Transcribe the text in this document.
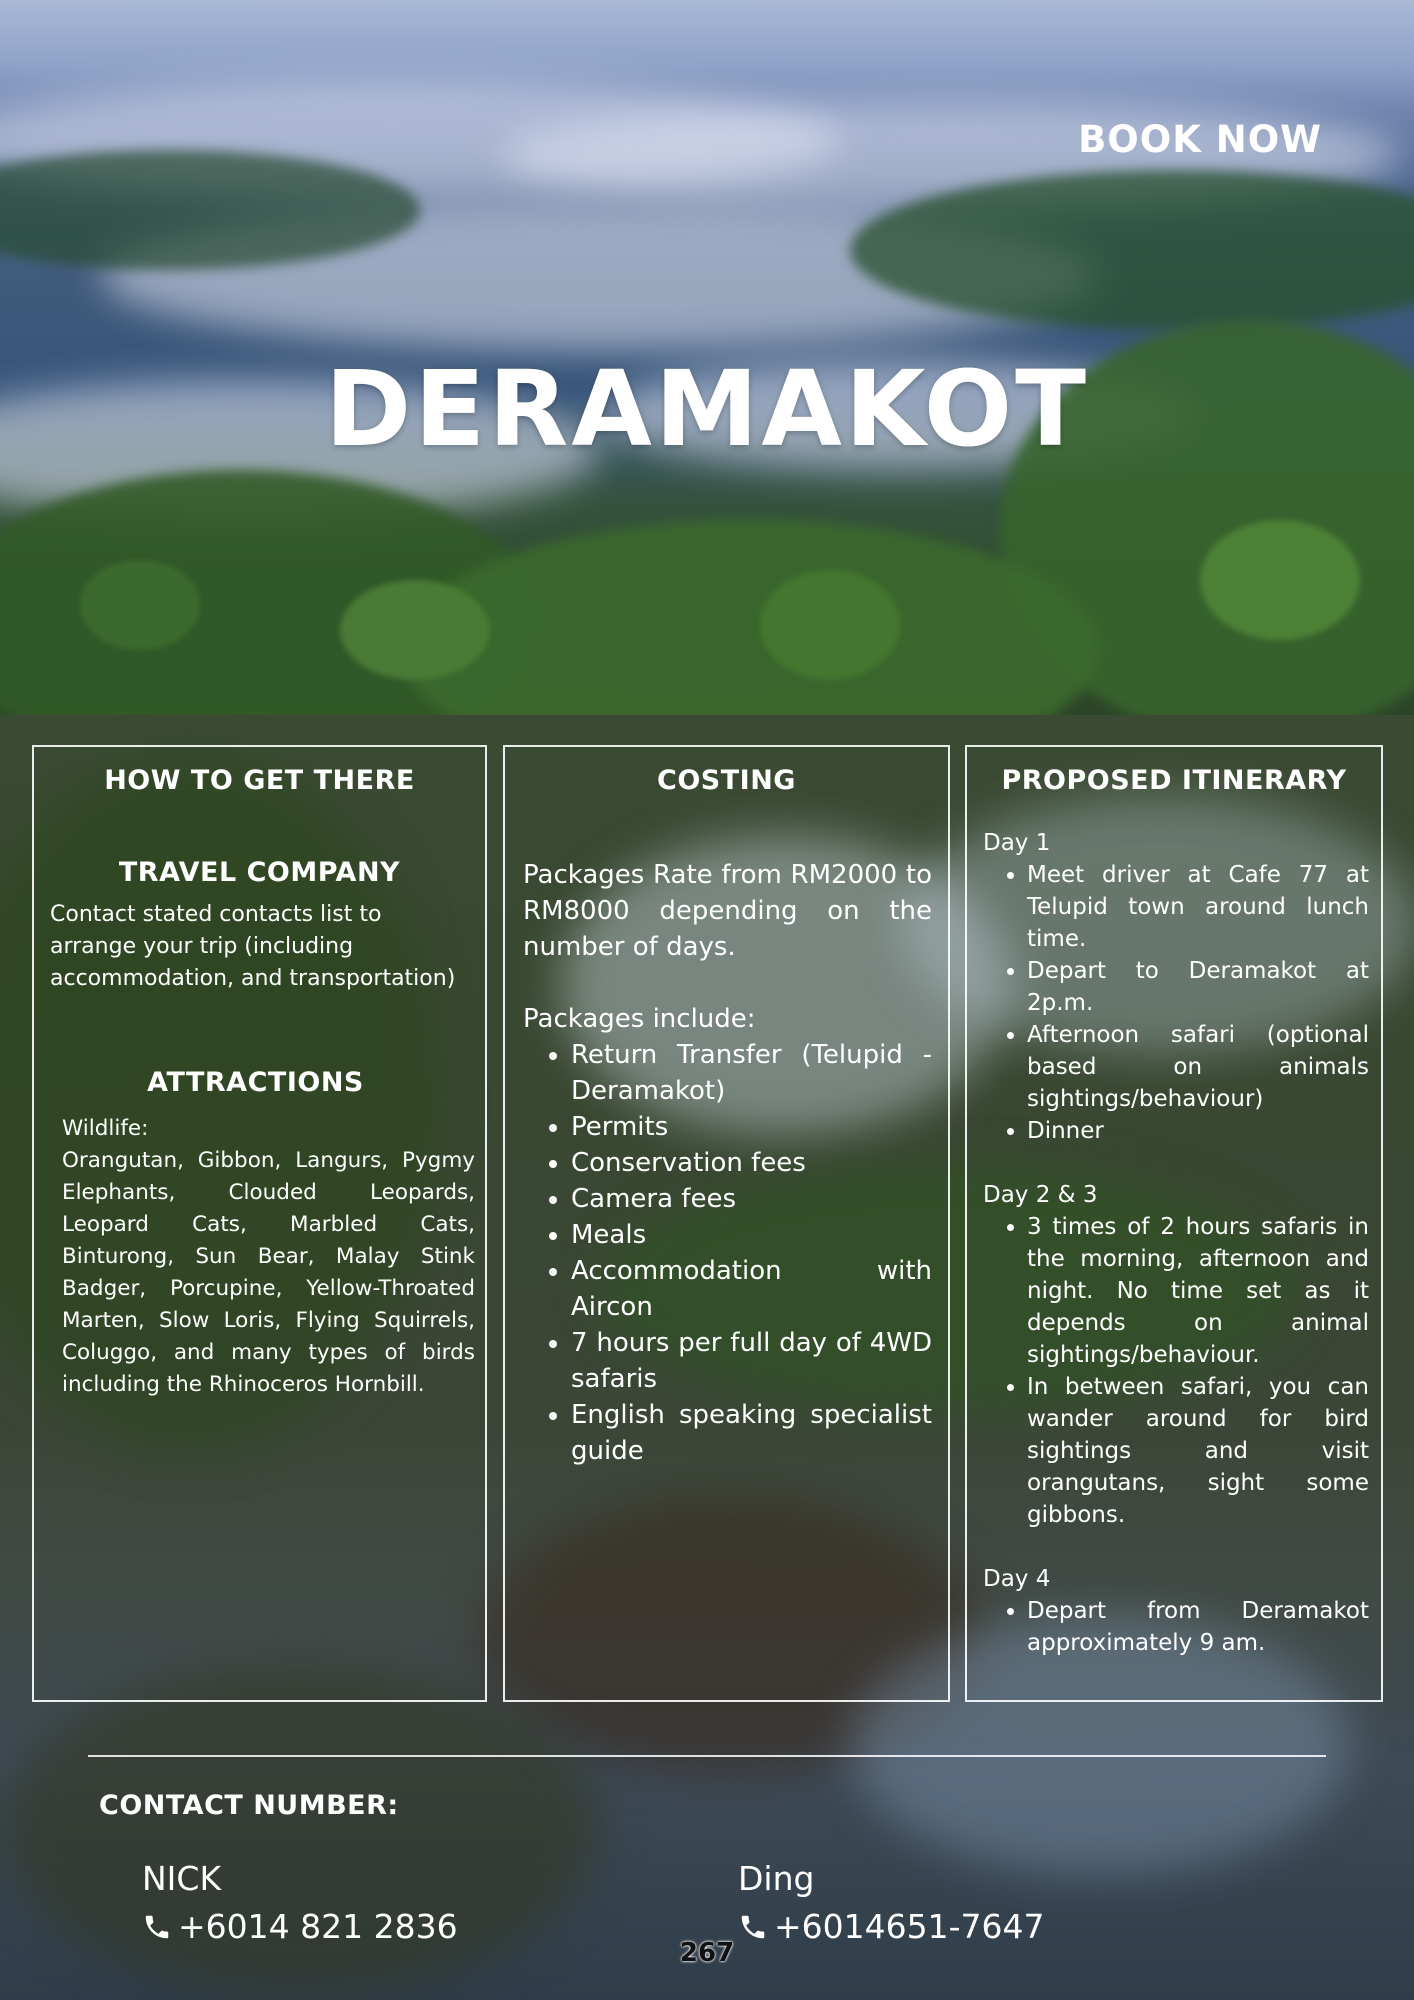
BOOK NOW
DERAMAKOT
HOW TO GET THERE
TRAVEL COMPANY
Contact stated contacts list to arrange your trip (including accommodation, and transportation)
ATTRACTIONS
Wildlife:
Orangutan, Gibbon, Langurs, Pygmy Elephants, Clouded Leopards, Leopard Cats, Marbled Cats, Binturong, Sun Bear, Malay Stink Badger, Porcupine, Yellow-Throated Marten, Slow Loris, Flying Squirrels, Coluggo, and many types of birds including the Rhinoceros Hornbill.
COSTING
Packages Rate from RM2000 to RM8000 depending on the number of days.
Packages include:
• Return Transfer (Telupid - Deramakot)
• Permits
• Conservation fees
• Camera fees
• Meals
• Accommodation with Aircon
• 7 hours per full day of 4WD safaris
• English speaking specialist guide
PROPOSED ITINERARY
Day 1
• Meet driver at Cafe 77 at Telupid town around lunch time.
• Depart to Deramakot at 2p.m.
• Afternoon safari (optional based on animals sightings/behaviour)
• Dinner
Day 2 & 3
• 3 times of 2 hours safaris in the morning, afternoon and night. No time set as it depends on animal sightings/behaviour.
• In between safari, you can wander around for bird sightings and visit orangutans, sight some gibbons.
Day 4
• Depart from Deramakot approximately 9 am.
CONTACT NUMBER:
NICK
+6014 821 2836
Ding
+6014651-7647
267
